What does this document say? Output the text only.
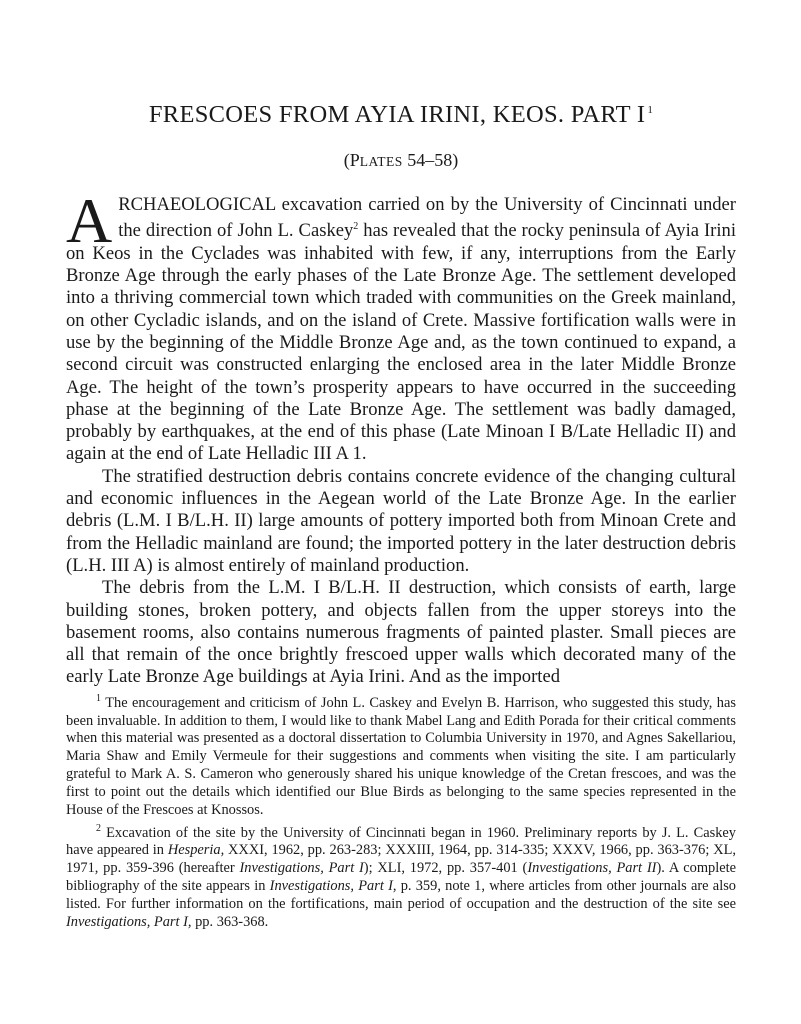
FRESCOES FROM AYIA IRINI, KEOS. PART I $^1$
(PLATES 54–58)

ARCHAEOLOGICAL excavation carried on by the University of Cincinnati under the direction of John L. Caskey$^2$ has revealed that the rocky peninsula of Ayia Irini on Keos in the Cyclades was inhabited with few, if any, interruptions from the Early Bronze Age through the early phases of the Late Bronze Age. The settlement developed into a thriving commercial town which traded with communities on the Greek mainland, on other Cycladic islands, and on the island of Crete. Massive fortification walls were in use by the beginning of the Middle Bronze Age and, as the town continued to expand, a second circuit was constructed enlarging the enclosed area in the later Middle Bronze Age. The height of the town’s prosperity appears to have occurred in the succeeding phase at the beginning of the Late Bronze Age. The settlement was badly damaged, probably by earthquakes, at the end of this phase (Late Minoan I B/Late Helladic II) and again at the end of Late Helladic III A 1.

The stratified destruction debris contains concrete evidence of the changing cultural and economic influences in the Aegean world of the Late Bronze Age. In the earlier debris (L.M. I B/L.H. II) large amounts of pottery imported both from Minoan Crete and from the Helladic mainland are found; the imported pottery in the later destruction debris (L.H. III A) is almost entirely of mainland production.

The debris from the L.M. I B/L.H. II destruction, which consists of earth, large building stones, broken pottery, and objects fallen from the upper storeys into the basement rooms, also contains numerous fragments of painted plaster. Small pieces are all that remain of the once brightly frescoed upper walls which decorated many of the early Late Bronze Age buildings at Ayia Irini. And as the imported

$^1$ The encouragement and criticism of John L. Caskey and Evelyn B. Harrison, who suggested this study, has been invaluable. In addition to them, I would like to thank Mabel Lang and Edith Porada for their critical comments when this material was presented as a doctoral dissertation to Columbia University in 1970, and Agnes Sakellariou, Maria Shaw and Emily Vermeule for their suggestions and comments when visiting the site. I am particularly grateful to Mark A. S. Cameron who generously shared his unique knowledge of the Cretan frescoes, and was the first to point out the details which identified our Blue Birds as belonging to the same species represented in the House of the Frescoes at Knossos.

$^2$ Excavation of the site by the University of Cincinnati began in 1960. Preliminary reports by J. L. Caskey have appeared in Hesperia, XXXI, 1962, pp. 263-283; XXXIII, 1964, pp. 314-335; XXXV, 1966, pp. 363-376; XL, 1971, pp. 359-396 (hereafter Investigations, Part I); XLI, 1972, pp. 357-401 (Investigations, Part II). A complete bibliography of the site appears in Investigations, Part I, p. 359, note 1, where articles from other journals are also listed. For further information on the fortifications, main period of occupation and the destruction of the site see Investigations, Part I, pp. 363-368.
